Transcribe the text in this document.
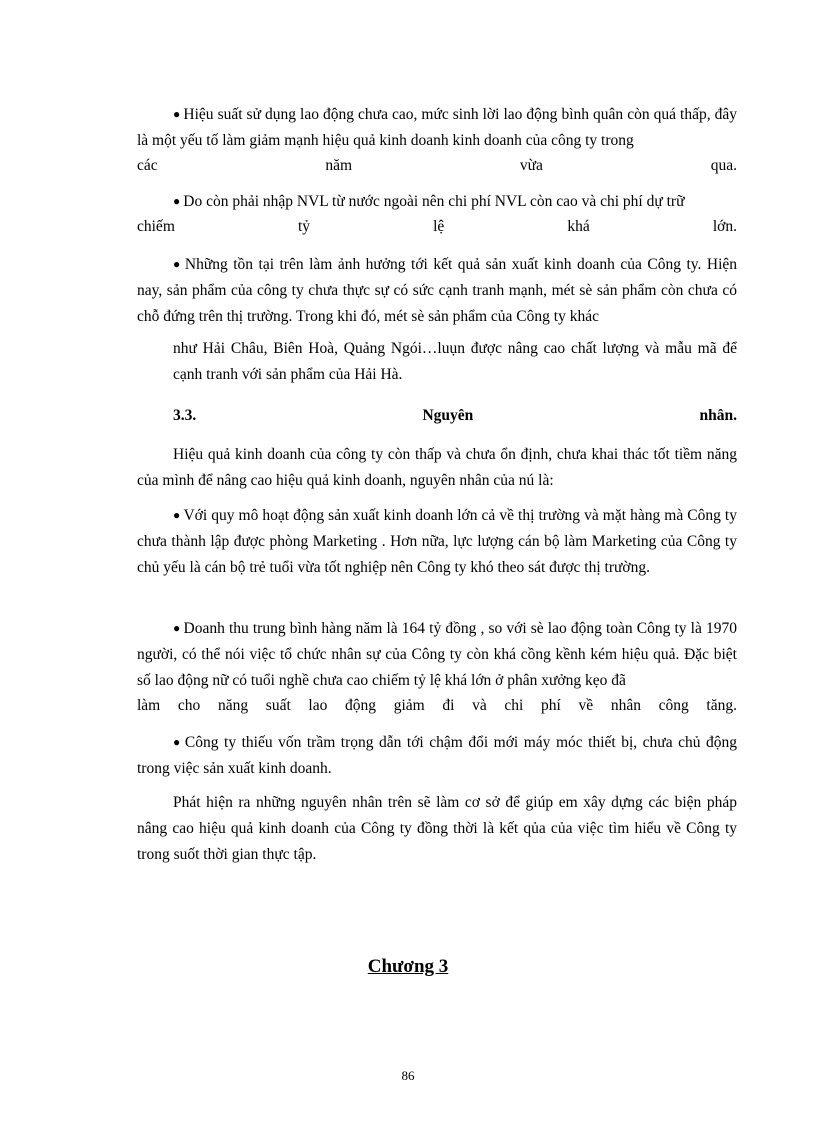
● Hiệu suất sử dụng lao động chưa cao, mức sinh lời lao động bình quân còn quá thấp, đây là một yếu tố làm giảm mạnh hiệu quả kinh doanh kinh doanh của công ty trong

các năm vừa qua.

● Do còn phải nhập NVL từ nước ngoài nên chi phí NVL còn cao và chi phí dự trữ

chiếm tỷ lệ khá lớn.

● Những tồn tại trên làm ảnh hưởng tới kết quả sản xuất kinh doanh của Công ty. Hiện nay, sản phẩm của công ty chưa thực sự có sức cạnh tranh mạnh, mét sè sản phẩm còn chưa có chỗ đứng trên thị trường. Trong khi đó, mét sè sản phẩm của Công ty khác

như Hải Châu, Biên Hoà, Quảng Ngói…luụn được nâng cao chất lượng và mẫu mã để cạnh tranh với sản phẩm của Hải Hà.

3.3.	Nguyên	nhân.

Hiệu quả kinh doanh của công ty còn thấp và chưa ổn định, chưa khai thác tốt tiềm năng của mình để nâng cao hiệu quả kinh doanh, nguyên nhân của nú là:

● Với quy mô hoạt động sản xuất kinh doanh lớn cả về thị trường và mặt hàng mà Công ty chưa thành lập được phòng Marketing . Hơn nữa, lực lượng cán bộ làm Marketing của Công ty chủ yếu là cán bộ trẻ tuổi vừa tốt nghiệp nên Công ty khó theo sát được thị trường.

● Doanh thu trung bình hàng năm là 164 tỷ đồng , so với sè lao động toàn Công ty là 1970 người, có thể nói việc tổ chức nhân sự của Công ty còn khá cồng kềnh kém hiệu quả. Đặc biệt số lao động nữ có tuổi nghề chưa cao chiếm tỷ lệ khá lớn ở phân xưởng kẹo đã

làm cho năng suất lao động giảm đi và chi phí về nhân công tăng.

● Công ty thiếu vốn trầm trọng dẫn tới chậm đổi mới máy móc thiết bị, chưa chủ động trong việc sản xuất kinh doanh.

Phát hiện ra những nguyên nhân trên sẽ làm cơ sở để giúp em xây dựng các biện pháp nâng cao hiệu quả kinh doanh của Công ty đồng thời là kết qủa của việc tìm hiểu về Công ty trong suốt thời gian thực tập.

Chương 3

86
